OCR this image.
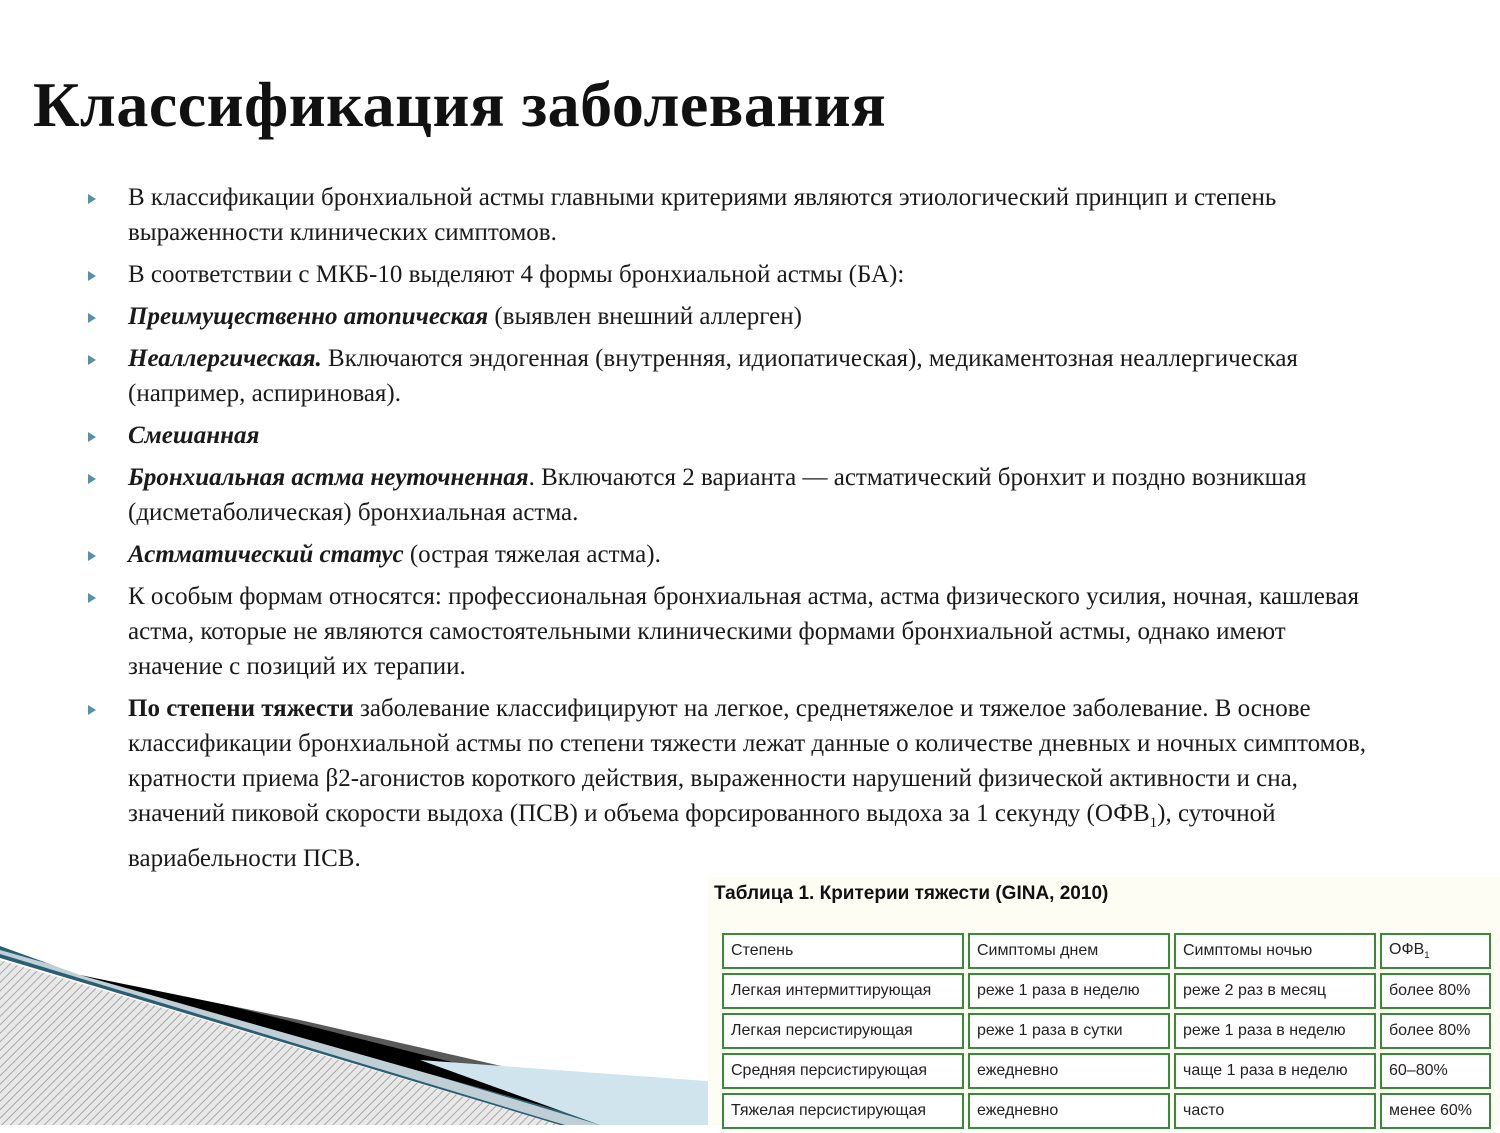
Классификация заболевания
В классификации бронхиальной астмы главными критериями являются этиологический принцип и степень выраженности клинических симптомов.
В соответствии с МКБ-10 выделяют 4 формы бронхиальной астмы (БА):
Преимущественно атопическая (выявлен внешний аллерген)
Неаллергическая. Включаются эндогенная (внутренняя, идиопатическая), медикаментозная неаллергическая (например, аспириновая).
Смешанная
Бронхиальная астма неуточненная. Включаются 2 варианта — астматический бронхит и поздно возникшая (дисметаболическая) бронхиальная астма.
Астматический статус (острая тяжелая астма).
К особым формам относятся: профессиональная бронхиальная астма, астма физического усилия, ночная, кашлевая астма, которые не являются самостоятельными клиническими формами бронхиальной астмы, однако имеют значение с позиций их терапии.
По степени тяжести заболевание классифицируют на легкое, среднетяжелое и тяжелое заболевание. В основе классификации бронхиальной астмы по степени тяжести лежат данные о количестве дневных и ночных симптомов, кратности приема β2-агонистов короткого действия, выраженности нарушений физической активности и сна, значений пиковой скорости выдоха (ПСВ) и объема форсированного выдоха за 1 секунду $(ОФВ_1)$, суточной вариабельности ПСВ.
Таблица 1. Критерии тяжести (GINA, 2010)
Степень	Симптомы днем	Симптомы ночью	$ОФВ_1$
Легкая интермиттирующая	реже 1 раза в неделю	реже 2 раз в месяц	более 80%
Легкая персистирующая	реже 1 раза в сутки	реже 1 раза в неделю	более 80%
Средняя персистирующая	ежедневно	чаще 1 раза в неделю	60–80%
Тяжелая персистирующая	ежедневно	часто	менее 60%
